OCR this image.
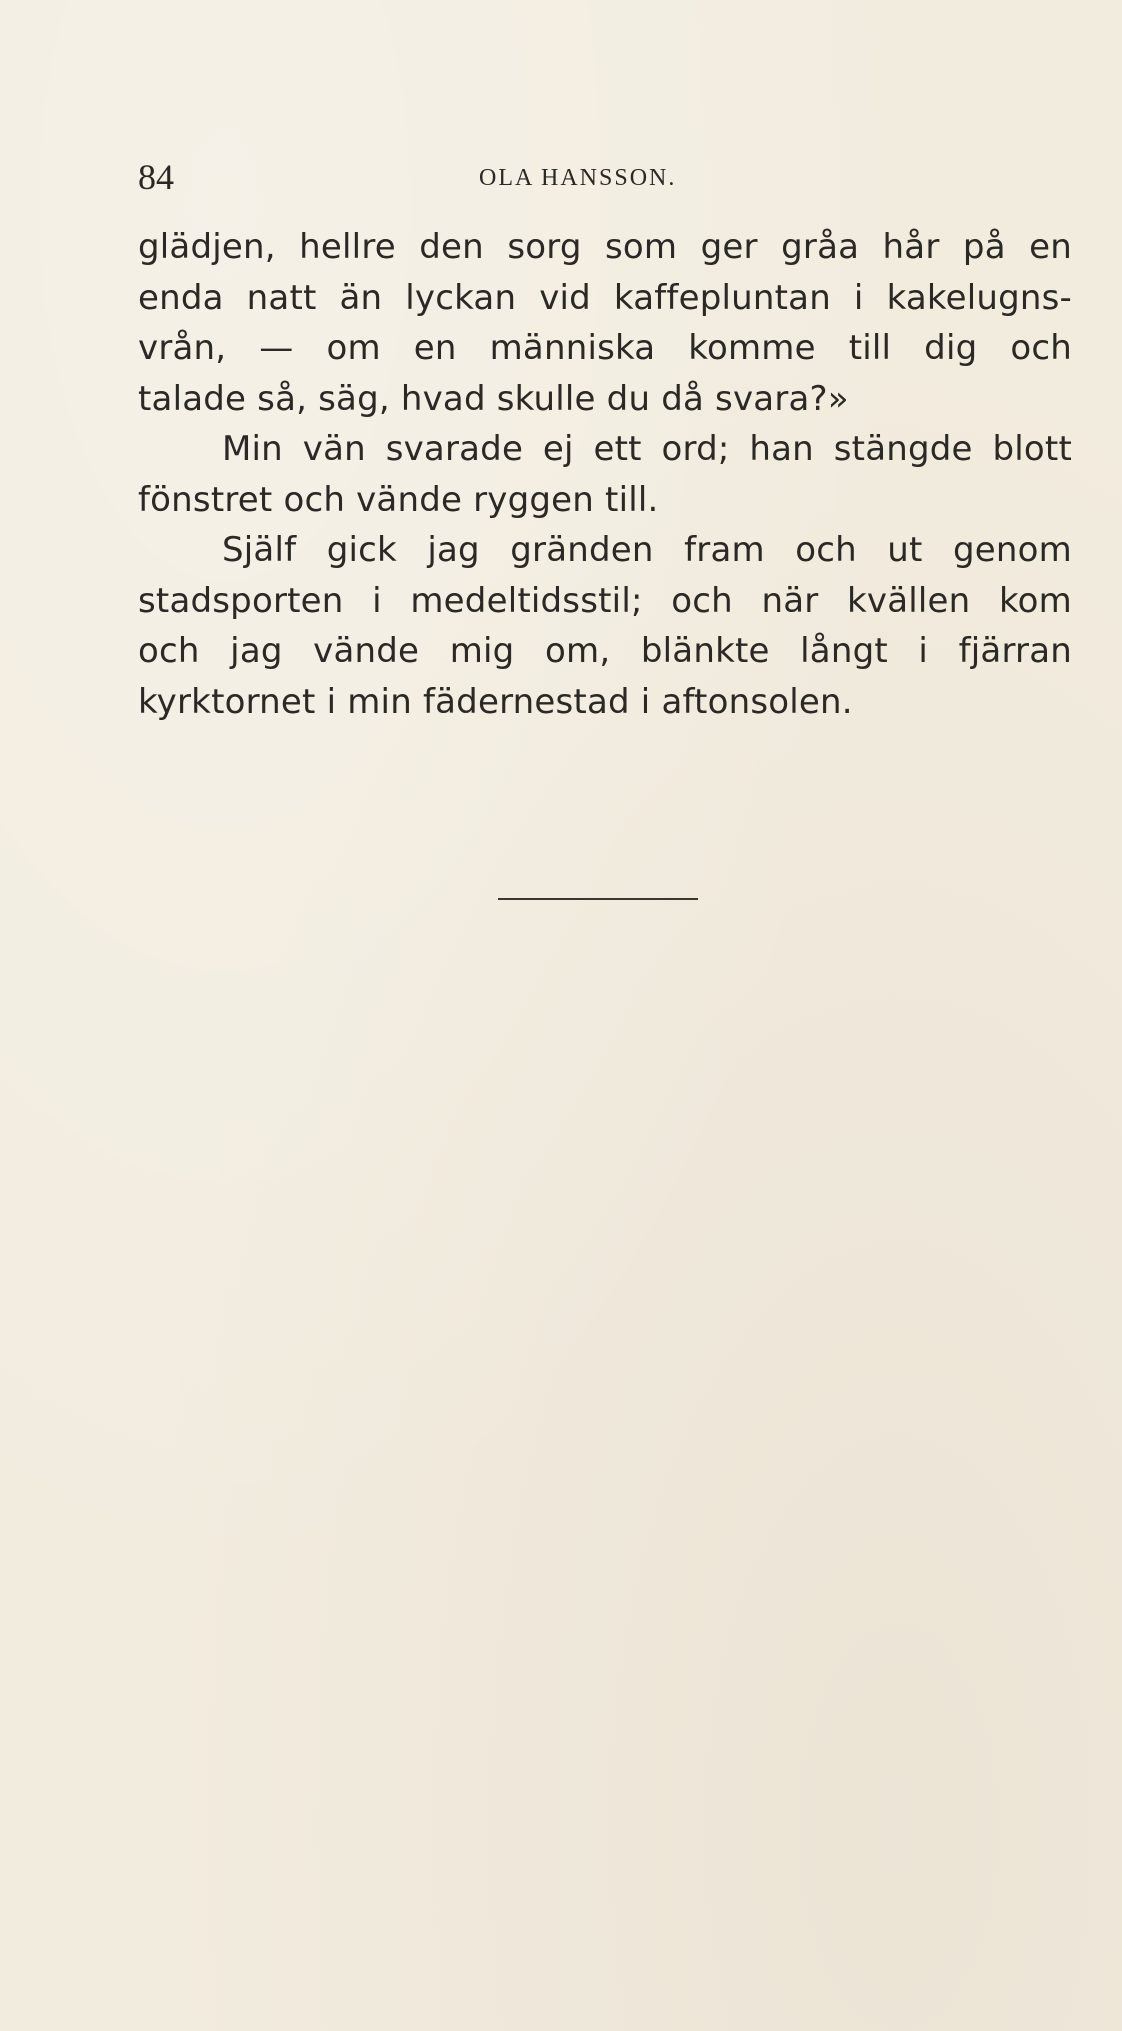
84	OLA HANSSON.
glädjen, hellre den sorg som ger gråa hår på en
enda natt än lyckan vid kaffepluntan i kakelugns-
vrån, — om en människa komme till dig och
talade så, säg, hvad skulle du då svara?»
Min vän svarade ej ett ord; han stängde blott
fönstret och vände ryggen till.
Själf gick jag gränden fram och ut genom
stadsporten i medeltidsstil; och när kvällen kom
och jag vände mig om, blänkte långt i fjärran
kyrktornet i min fädernestad i aftonsolen.
